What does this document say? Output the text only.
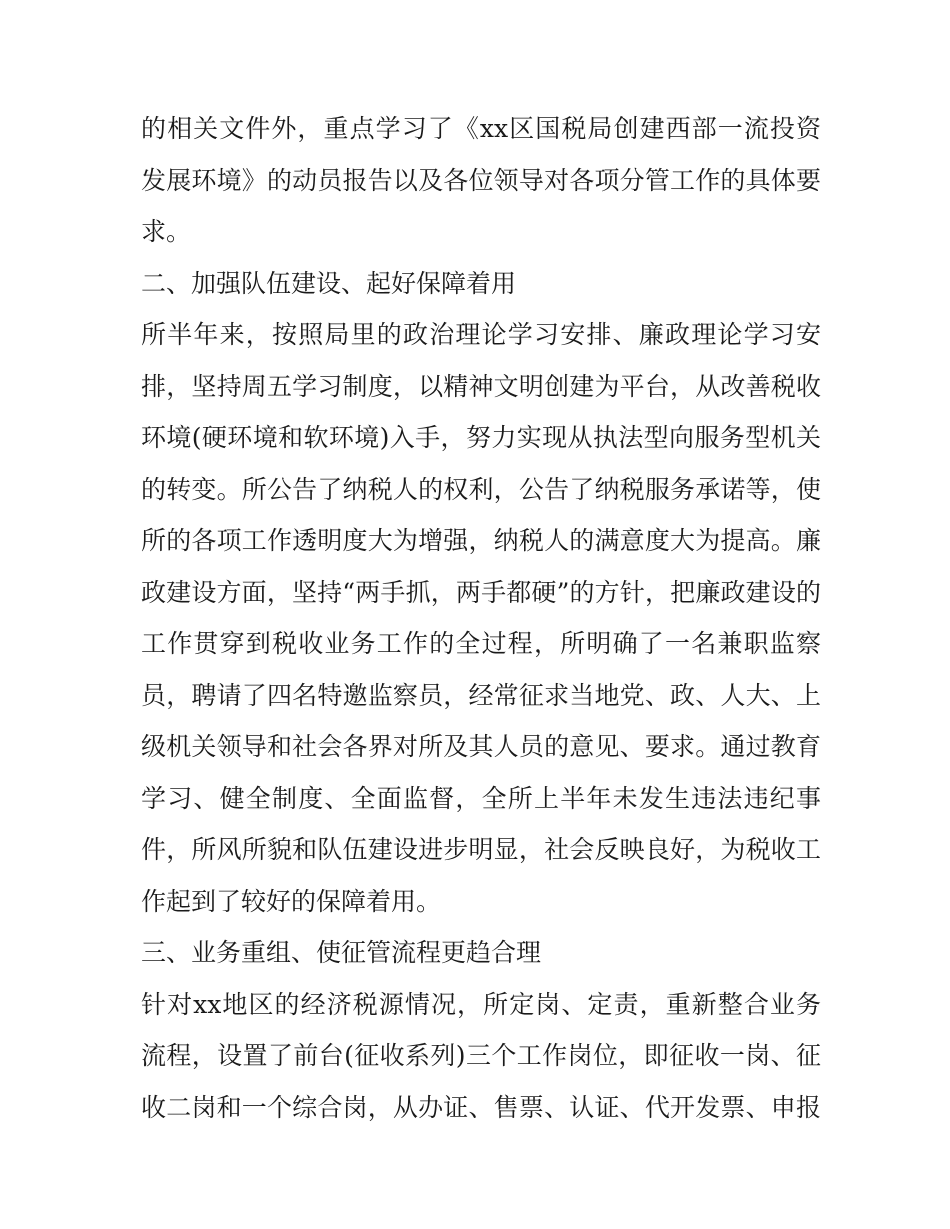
的相关文件外，重点学习了《xx区国税局创建西部一流投资
发展环境》的动员报告以及各位领导对各项分管工作的具体要
求。
二、加强队伍建设、起好保障着用
所半年来，按照局里的政治理论学习安排、廉政理论学习安
排，坚持周五学习制度，以精神文明创建为平台，从改善税收
环境(硬环境和软环境)入手，努力实现从执法型向服务型机关
的转变。所公告了纳税人的权利，公告了纳税服务承诺等，使
所的各项工作透明度大为增强，纳税人的满意度大为提高。廉
政建设方面，坚持“两手抓，两手都硬”的方针，把廉政建设的
工作贯穿到税收业务工作的全过程，所明确了一名兼职监察
员，聘请了四名特邀监察员，经常征求当地党、政、人大、上
级机关领导和社会各界对所及其人员的意见、要求。通过教育
学习、健全制度、全面监督，全所上半年未发生违法违纪事
件，所风所貌和队伍建设进步明显，社会反映良好，为税收工
作起到了较好的保障着用。
三、业务重组、使征管流程更趋合理
针对xx地区的经济税源情况，所定岗、定责，重新整合业务
流程，设置了前台(征收系列)三个工作岗位，即征收一岗、征
收二岗和一个综合岗，从办证、售票、认证、代开发票、申报
